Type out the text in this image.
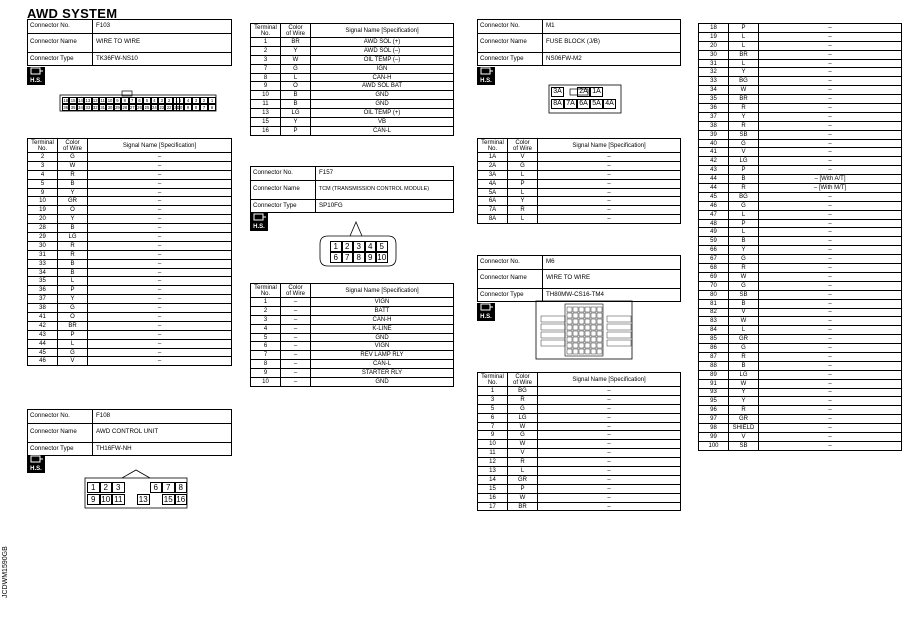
AWD SYSTEM
JCDWM1590GB
Connector No.	F103
Connector Name	WIRE TO WIRE
Connector Type	TK36FW-NS10
H.S.
16 15 14 13 12 11 10 9	8	7	6	5	4	3	2	1
36 35 34 33 32 31 30 29 28 27 26 25 24 23 22 21
5	4	3	2	1
10	9	8	7	6
Terminal
No.	Color
of Wire	Signal Name [Specification]
2	G	–
3	W	–
4	R	–
5	B	–
9	Y	–
10	GR	–
19	O	–
20	Y	–
28	B	–
29	LG	–
30	R	–
31	R	–
33	B	–
34	B	–
35	L	–
36	P	–
37	Y	–
38	G	–
41	O	–
42	BR	–
43	P	–
44	L	–
45	G	–
46	V	–
Connector No.	F108
Connector Name	AWD CONTROL UNIT
Connector Type	TH16FW-NH
H.S.
1	2	3	6	7	8
9 10 11 13 15 16
Terminal
No.	Color
of Wire	Signal Name [Specification]
1	BR	AWD SOL (+)
2	Y	AWD SOL (–)
3	W	OIL TEMP (–)
7	G	IGN
8	L	CAN-H
9	O	AWD SOL BAT
10	B	GND
11	B	GND
13	LG	OIL TEMP (+)
15	Y	VB
16	P	CAN-L
Connector No.	F157
Connector Name	TCM (TRANSMISSION CONTROL MODULE)
Connector Type	SP10FG
H.S.
1 2 3 4 5
6 7 8 9 10
Terminal
No.	Color
of Wire	Signal Name [Specification]
1	–	VIGN
2	–	BATT
3	–	CAN-H
4	–	K-LINE
5	–	GND
6	–	VIGN
7	–	REV LAMP RLY
8	–	CAN-L
9	–	STARTER RLY
10	–	GND
Connector No.	M1
Connector Name	FUSE BLOCK (J/B)
Connector Type	NS06FW-M2
H.S.
3A	2A 1A
8A 7A 6A 5A 4A
Terminal
No.	Color
of Wire	Signal Name [Specification]
1A	V	–
2A	G	–
3A	L	–
4A	P	–
5A	L	–
6A	Y	–
7A	R	–
8A	L	–
Connector No.	M6
Connector Name	WIRE TO WIRE
Connector Type	TH80MW-CS16-TM4
H.S.
Terminal
No.	Color
of Wire	Signal Name [Specification]
1	BG	–
3	R	–
5	G	–
6	LG	–
7	W	–
9	G	–
10	W	–
11	V	–
12	R	–
13	L	–
14	GR	–
15	P	–
16	W	–
17	BR	–
18	P	–
19	L	–
20	L	–
30	BR	–
31	L	–
32	Y	–
33	BG	–
34	W	–
35	BR	–
36	R	–
37	Y	–
38	R	–
39	SB	–
40	G	–
41	V	–
42	LG	–
43	P	–
44	B	– [With A/T]
44	R	– [With M/T]
45	BG	–
46	G	–
47	L	–
48	P	–
49	L	–
59	B	–
66	Y	–
67	G	–
68	R	–
69	W	–
70	G	–
80	SB	–
81	B	–
82	V	–
83	W	–
84	L	–
85	GR	–
86	G	–
87	R	–
88	B	–
89	LG	–
91	W	–
93	Y	–
95	Y	–
96	R	–
97	GR	–
98	SHIELD	–
99	V	–
100	SB	–
